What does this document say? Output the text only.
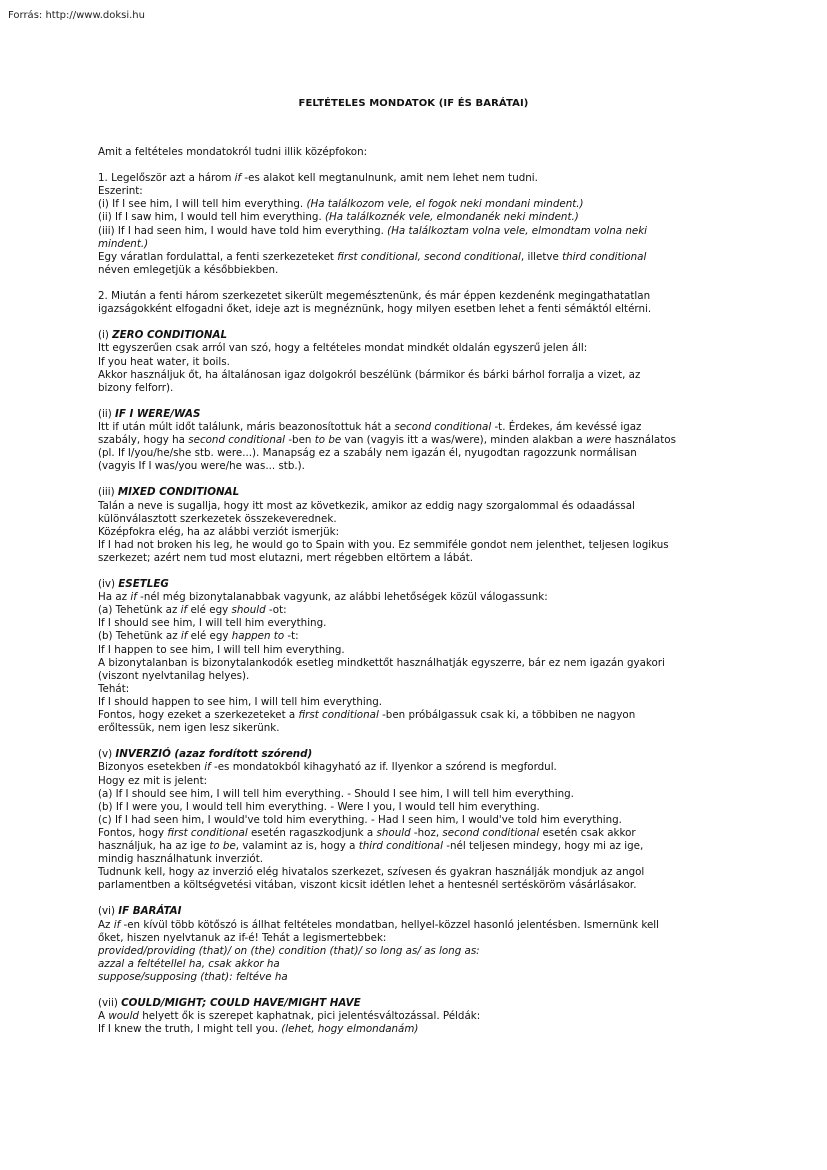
Forrás: http://www.doksi.hu
FELTÉTELES MONDATOK (IF ÉS BARÁTAI)
Amit a feltételes mondatokról tudni illik középfokon:
1. Legelőször azt a három if -es alakot kell megtanulnunk, amit nem lehet nem tudni.
Eszerint:
(i) If I see him, I will tell him everything. (Ha találkozom vele, el fogok neki mondani mindent.)
(ii) If I saw him, I would tell him everything. (Ha találkoznék vele, elmondanék neki mindent.)
(iii) If I had seen him, I would have told him everything. (Ha találkoztam volna vele, elmondtam volna neki
mindent.)
Egy váratlan fordulattal, a fenti szerkezeteket first conditional, second conditional, illetve third conditional
néven emlegetjük a későbbiekben.
2. Miután a fenti három szerkezetet sikerült megemésztenünk, és már éppen kezdenénk megingathatatlan
igazságokként elfogadni őket, ideje azt is megnéznünk, hogy milyen esetben lehet a fenti sémáktól eltérni.
(i) ZERO CONDITIONAL
Itt egyszerűen csak arról van szó, hogy a feltételes mondat mindkét oldalán egyszerű jelen áll:
If you heat water, it boils.
Akkor használjuk őt, ha általánosan igaz dolgokról beszélünk (bármikor és bárki bárhol forralja a vizet, az
bizony felforr).
(ii) IF I WERE/WAS
Itt if után múlt időt találunk, máris beazonosítottuk hát a second conditional -t. Érdekes, ám kevéssé igaz
szabály, hogy ha second conditional -ben to be van (vagyis itt a was/were), minden alakban a were használatos
(pl. If I/you/he/she stb. were...). Manapság ez a szabály nem igazán él, nyugodtan ragozzunk normálisan
(vagyis If I was/you were/he was... stb.).
(iii) MIXED CONDITIONAL
Talán a neve is sugallja, hogy itt most az következik, amikor az eddig nagy szorgalommal és odaadással
különválasztott szerkezetek összekeverednek.
Középfokra elég, ha az alábbi verziót ismerjük:
If I had not broken his leg, he would go to Spain with you. Ez semmiféle gondot nem jelenthet, teljesen logikus
szerkezet; azért nem tud most elutazni, mert régebben eltörtem a lábát.
(iv) ESETLEG
Ha az if -nél még bizonytalanabbak vagyunk, az alábbi lehetőségek közül válogassunk:
(a) Tehetünk az if elé egy should -ot:
If I should see him, I will tell him everything.
(b) Tehetünk az if elé egy happen to -t:
If I happen to see him, I will tell him everything.
A bizonytalanban is bizonytalankodók esetleg mindkettőt használhatják egyszerre, bár ez nem igazán gyakori
(viszont nyelvtanilag helyes).
Tehát:
If I should happen to see him, I will tell him everything.
Fontos, hogy ezeket a szerkezeteket a first conditional -ben próbálgassuk csak ki, a többiben ne nagyon
erőltessük, nem igen lesz sikerünk.
(v) INVERZIÓ (azaz fordított szórend)
Bizonyos esetekben if -es mondatokból kihagyható az if. Ilyenkor a szórend is megfordul.
Hogy ez mit is jelent:
(a) If I should see him, I will tell him everything. - Should I see him, I will tell him everything.
(b) If I were you, I would tell him everything. - Were I you, I would tell him everything.
(c) If I had seen him, I would've told him everything. - Had I seen him, I would've told him everything.
Fontos, hogy first conditional esetén ragaszkodjunk a should -hoz, second conditional esetén csak akkor
használjuk, ha az ige to be, valamint az is, hogy a third conditional -nél teljesen mindegy, hogy mi az ige,
mindig használhatunk inverziót.
Tudnunk kell, hogy az inverzió elég hivatalos szerkezet, szívesen és gyakran használják mondjuk az angol
parlamentben a költségvetési vitában, viszont kicsit idétlen lehet a hentesnél sertésköröm vásárlásakor.
(vi) IF BARÁTAI
Az if -en kívül több kötőszó is állhat feltételes mondatban, hellyel-közzel hasonló jelentésben. Ismernünk kell
őket, hiszen nyelvtanuk az if-é! Tehát a legismertebbek:
provided/providing (that)/ on (the) condition (that)/ so long as/ as long as:
azzal a feltétellel ha, csak akkor ha
suppose/supposing (that): feltéve ha
(vii) COULD/MIGHT; COULD HAVE/MIGHT HAVE
A would helyett ők is szerepet kaphatnak, pici jelentésváltozással. Példák:
If I knew the truth, I might tell you. (lehet, hogy elmondanám)
